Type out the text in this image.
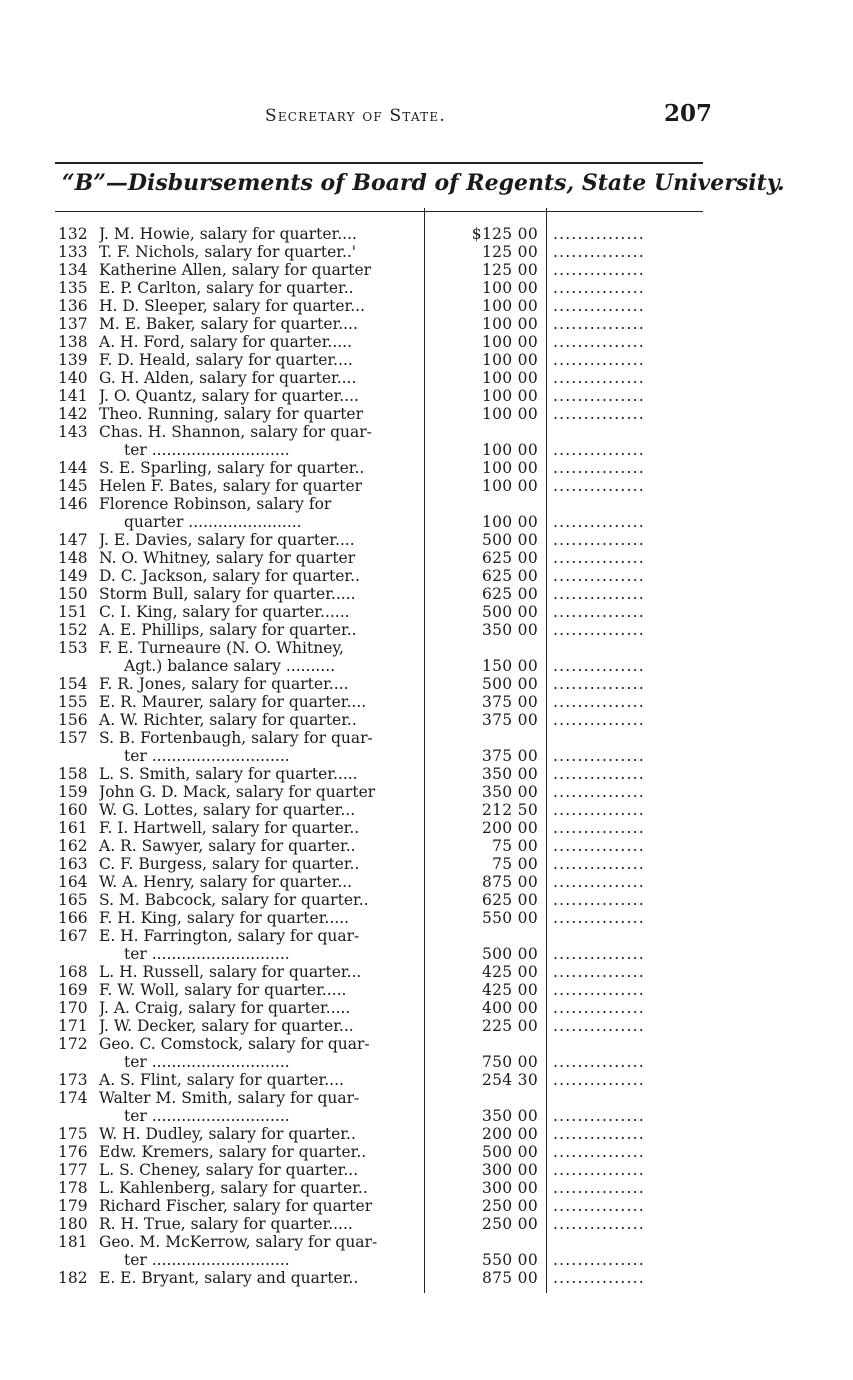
Secretary of State.	207
“B”—Disbursements of Board of Regents, State University.
132 J. M. Howie, salary for quarter....	$125 00 ...............
133 T. F. Nichols, salary for quarter..'	125 00 ...............
134 Katherine Allen, salary for quarter	125 00 ...............
135 E. P. Carlton, salary for quarter..	100 00 ...............
136 H. D. Sleeper, salary for quarter...	100 00 ...............
137 M. E. Baker, salary for quarter....	100 00 ...............
138 A. H. Ford, salary for quarter.....	100 00 ...............
139 F. D. Heald, salary for quarter....	100 00 ...............
140 G. H. Alden, salary for quarter....	100 00 ...............
141 J. O. Quantz, salary for quarter....	100 00 ...............
142 Theo. Running, salary for quarter	100 00 ...............
143 Chas. H. Shannon, salary for quar-
ter ............................	100 00 ...............
144 S. E. Sparling, salary for quarter..	100 00 ...............
145 Helen F. Bates, salary for quarter	100 00 ...............
146 Florence Robinson, salary for
quarter .......................	100 00 ...............
147 J. E. Davies, salary for quarter....	500 00 ...............
148 N. O. Whitney, salary for quarter	625 00 ...............
149 D. C. Jackson, salary for quarter..	625 00 ...............
150 Storm Bull, salary for quarter.....	625 00 ...............
151 C. I. King, salary for quarter......	500 00 ...............
152 A. E. Phillips, salary for quarter..	350 00 ...............
153 F. E. Turneaure (N. O. Whitney,
Agt.) balance salary ..........	150 00 ...............
154 F. R. Jones, salary for quarter....	500 00 ...............
155 E. R. Maurer, salary for quarter....	375 00 ...............
156 A. W. Richter, salary for quarter..	375 00 ...............
157 S. B. Fortenbaugh, salary for quar-
ter ............................	375 00 ...............
158 L. S. Smith, salary for quarter.....	350 00 ...............
159 John G. D. Mack, salary for quarter	350 00 ...............
160 W. G. Lottes, salary for quarter...	212 50 ...............
161 F. I. Hartwell, salary for quarter..	200 00 ...............
162 A. R. Sawyer, salary for quarter..	75 00 ...............
163 C. F. Burgess, salary for quarter..	75 00 ...............
164 W. A. Henry, salary for quarter...	875 00 ...............
165 S. M. Babcock, salary for quarter..	625 00 ...............
166 F. H. King, salary for quarter.....	550 00 ...............
167 E. H. Farrington, salary for quar-
ter ............................	500 00 ...............
168 L. H. Russell, salary for quarter...	425 00 ...............
169 F. W. Woll, salary for quarter.....	425 00 ...............
170 J. A. Craig, salary for quarter.....	400 00 ...............
171 J. W. Decker, salary for quarter...	225 00 ...............
172 Geo. C. Comstock, salary for quar-
ter ............................	750 00 ...............
173 A. S. Flint, salary for quarter....	254 30 ...............
174 Walter M. Smith, salary for quar-
ter ............................	350 00 ...............
175 W. H. Dudley, salary for quarter..	200 00 ...............
176 Edw. Kremers, salary for quarter..	500 00 ...............
177 L. S. Cheney, salary for quarter...	300 00 ...............
178 L. Kahlenberg, salary for quarter..	300 00 ...............
179 Richard Fischer, salary for quarter	250 00 ...............
180 R. H. True, salary for quarter.....	250 00 ...............
181 Geo. M. McKerrow, salary for quar-
ter ............................	550 00 ...............
182 E. E. Bryant, salary and quarter..	875 00 ...............
